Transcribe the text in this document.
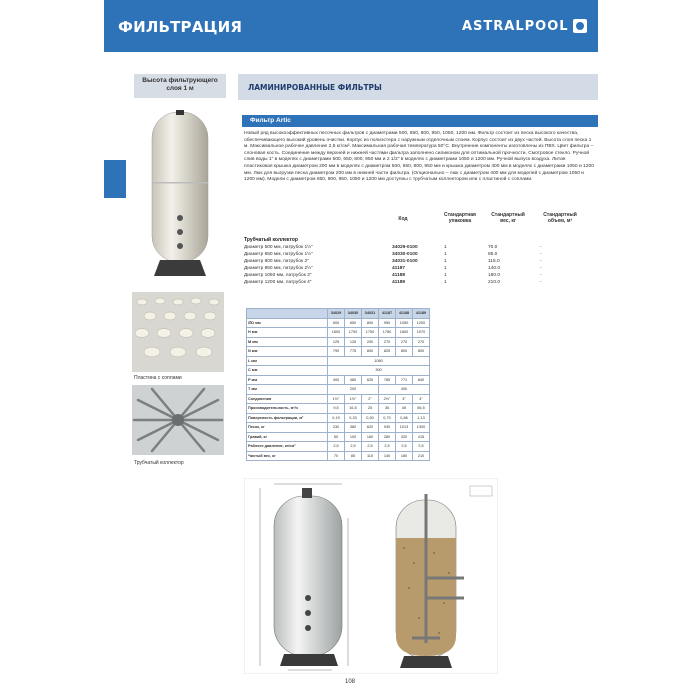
ФИЛЬТРАЦИЯ	ASTRALPOOL
Высота фильтрующего
слоя 1 м	ЛАМИНИРОВАННЫЕ ФИЛЬТРЫ
Фильтр Artic
Новый ряд высокоэффективных песочных фильтров с диаметрами 500, 650, 800, 950, 1050, 1200 мм. Фильтр состоит из песка высокого качества, обеспечивающего высокий уровень очистки. Корпус из полиэстера с наружным отделочным слоем. Корпус состоит из двух частей. Высота слоя песка 1 м. Максимальное рабочее давление 2,5 кг/см². Максимальная рабочая температура 50°С. Внутренние компоненты изготовлены из ПВХ. Цвет фильтра – слоновая кость. Соединение между верхней и нижней частями фильтра заполнено силиконом для оптимальной прочности. Смотровое стекло. Ручной слив воды 1" в моделях с диаметрами 500, 650, 800, 950 мм и 2 1/2" в моделях с диаметрами 1050 и 1200 мм. Ручной выпуск воздуха. Литая пластиковая крышка диаметром 200 мм в моделях с диаметром 500, 650, 800, 950 мм и крышка диаметром 400 мм в моделях с диаметрами 1050 и 1200 мм. Люк для выгрузки песка диаметром 200 мм в нижней части фильтра. (Опционально – люк с диаметром 400 мм для моделей с диаметром 1050 и 1200 мм). Модели с диаметром 650, 800, 950, 1050 и 1200 мм доступны с трубчатым коллектором или с пластиной с соплами.
Код
Стандартная упаковка
Стандартный вес, кг
Стандартный объем, м³
Трубчатый коллектор
Диаметр 500 мм, патрубок 1½"	34029-0100	1	70.0	-
Диаметр 650 мм, патрубок 1½"	34030-0100	1	85.0	-
Диаметр 800 мм, патрубок 2"	34031-0100	1	115.0	-
Диаметр 950 мм, патрубок 2½"	41187	1	140.0	-
Диаметр 1050 мм, патрубок 3"	41188	1	180.0	-
Диаметр 1200 мм, патрубок 4"	41189	1	210.0	-
Пластина с соплами
Трубчатый коллектор
	34029	34030	34031	41187	41188	41189
∅D мм	500	650	800	950	1050	1200
H мм	1600	1700	1750	1780	1800	1970
M мм	125	125	200	270	270	270
N мм	790	775	800	825	800	800
L мм	1080					
C мм	300					
P мм	400	480	625	785	771	840
T мм	200			400		
Соединения	1½"	1½"	2"	2½"	3"	4"
Производительность, м³/ч	9,5	16,5	25	35	45	56,5
Поверхность фильтрации, м²	0,19	0,33	0,50	0,70	0,86	1,13
Песок, кг	230	380	620	930	1013	1300
Гравий, кг	50	100	160	280	320	415
Рабочее давление, кг/см²	2,5	2,5	2,5	2,5	2,5	2,5
Чистый вес, кг	70	85	115	140	180	210
108
